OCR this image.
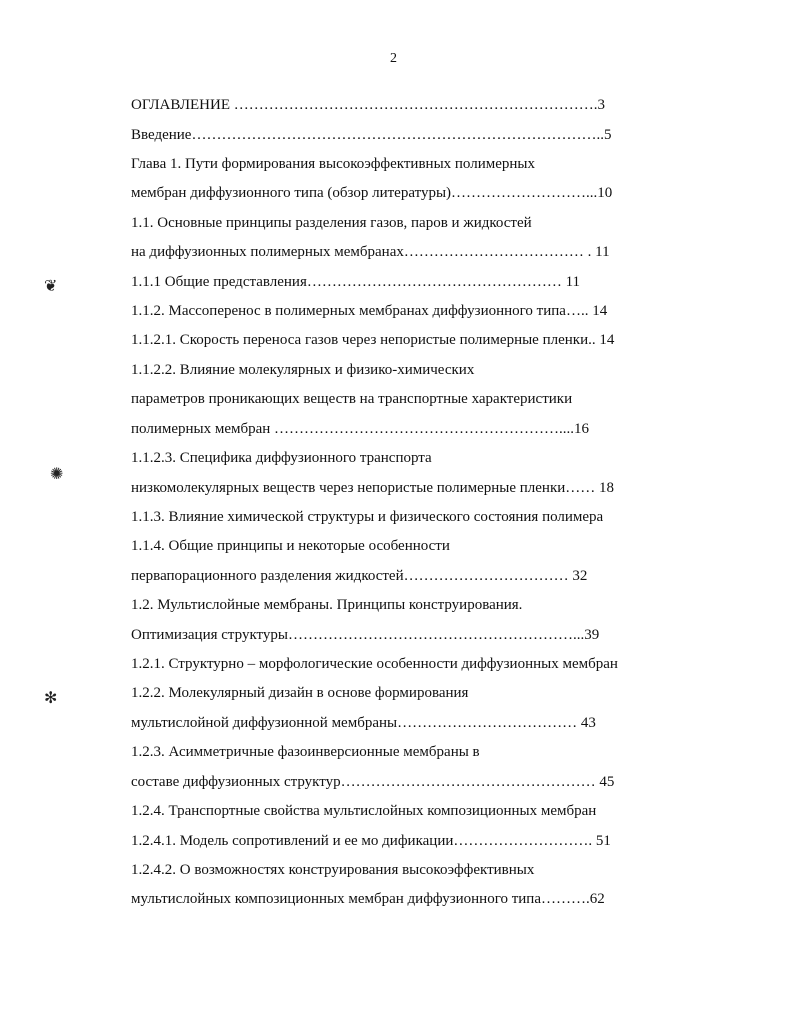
2
ОГЛАВЛЕНИЕ ……………………………………………………………….3
Введение………………………………………………………………………..5
Глава 1. Пути формирования высокоэффективных полимерных
мембран диффузионного типа (обзор литературы)………………………...10
1.1. Основные принципы разделения газов, паров и жидкостей
на диффузионных полимерных мембранах……………………………… . 11
1.1.1 Общие представления…………………………………………… 11
1.1.2. Массоперенос в полимерных мембранах диффузионного типа….. 14
1.1.2.1. Скорость переноса газов через непористые полимерные пленки.. 14
1.1.2.2. Влияние молекулярных и физико-химических
параметров проникающих веществ на транспортные характеристики
полимерных мембран …………………………………………………....16
1.1.2.3. Специфика диффузионного транспорта
низкомолекулярных веществ через непористые полимерные пленки…… 18
1.1.3. Влияние химической структуры и физического состояния полимера
1.1.4. Общие принципы и некоторые особенности
первапорационного разделения жидкостей…………………………… 32
1.2. Мультислойные мембраны. Принципы конструирования.
Оптимизация структуры…………………………………………………...39
1.2.1. Структурно – морфологические особенности диффузионных мембран
1.2.2. Молекулярный дизайн в основе формирования
мультислойной диффузионной мембраны……………………………… 43
1.2.3. Асимметричные фазоинверсионные мембраны в
составе диффузионных структур…………………………………………… 45
1.2.4. Транспортные свойства мультислойных композиционных мембран
1.2.4.1. Модель сопротивлений и ее мо дификации………………………. 51
1.2.4.2. О возможностях конструирования высокоэффективных
мультислойных композиционных мембран диффузионного типа……….62
❦
✺
✻
